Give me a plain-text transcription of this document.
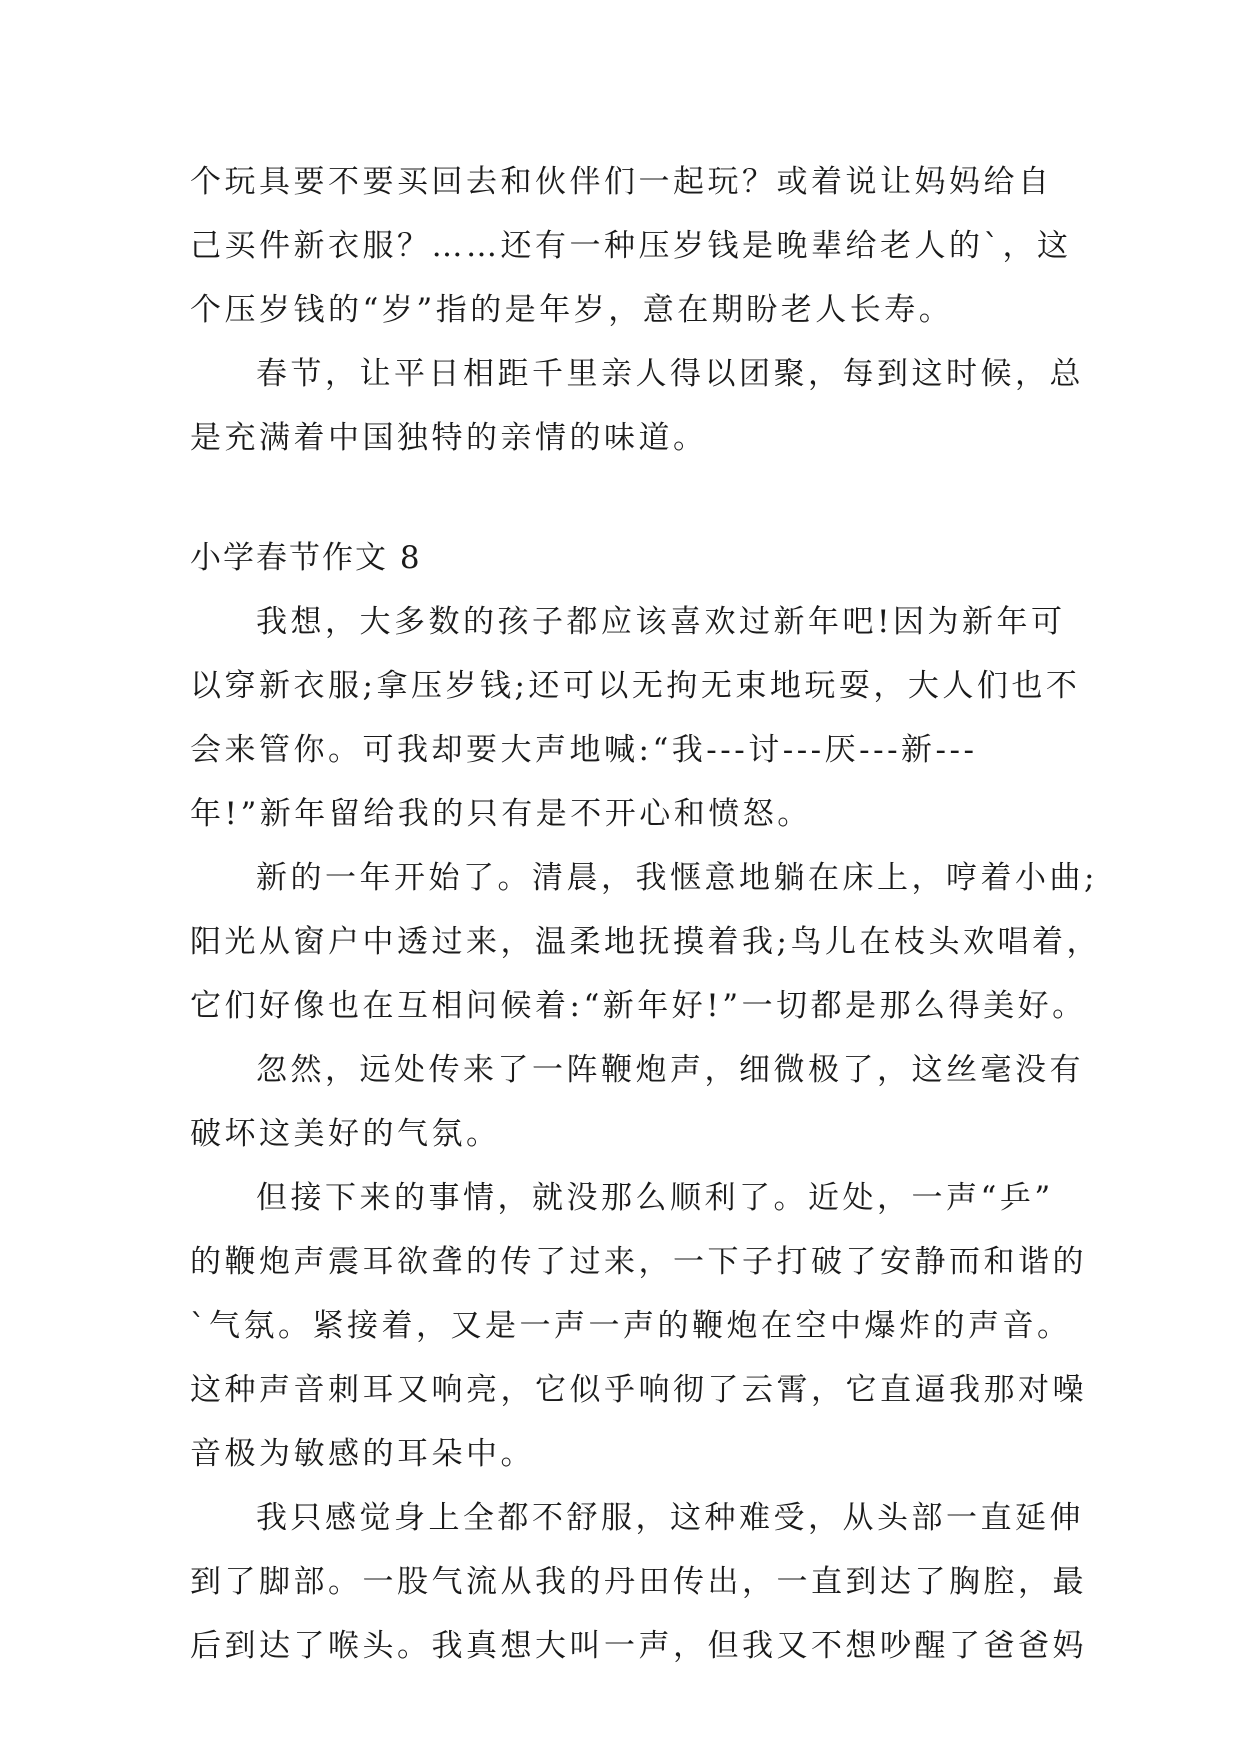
个玩具要不要买回去和伙伴们一起玩？或着说让妈妈给自
己买件新衣服？……还有一种压岁钱是晚辈给老人的`，这
个压岁钱的“岁”指的是年岁，意在期盼老人长寿。
春节，让平日相距千里亲人得以团聚，每到这时候，总
是充满着中国独特的亲情的味道。
小学春节作文 8
我想，大多数的孩子都应该喜欢过新年吧!因为新年可
以穿新衣服;拿压岁钱;还可以无拘无束地玩耍，大人们也不
会来管你。可我却要大声地喊:“我---讨---厌---新---
年!”新年留给我的只有是不开心和愤怒。
新的一年开始了。清晨，我惬意地躺在床上，哼着小曲;
阳光从窗户中透过来，温柔地抚摸着我;鸟儿在枝头欢唱着，
它们好像也在互相问候着:“新年好!”一切都是那么得美好。
忽然，远处传来了一阵鞭炮声，细微极了，这丝毫没有
破坏这美好的气氛。
但接下来的事情，就没那么顺利了。近处，一声“乒”
的鞭炮声震耳欲聋的传了过来，一下子打破了安静而和谐的
`气氛。紧接着，又是一声一声的鞭炮在空中爆炸的声音。
这种声音刺耳又响亮，它似乎响彻了云霄，它直逼我那对噪
音极为敏感的耳朵中。
我只感觉身上全都不舒服，这种难受，从头部一直延伸
到了脚部。一股气流从我的丹田传出，一直到达了胸腔，最
后到达了喉头。我真想大叫一声，但我又不想吵醒了爸爸妈
